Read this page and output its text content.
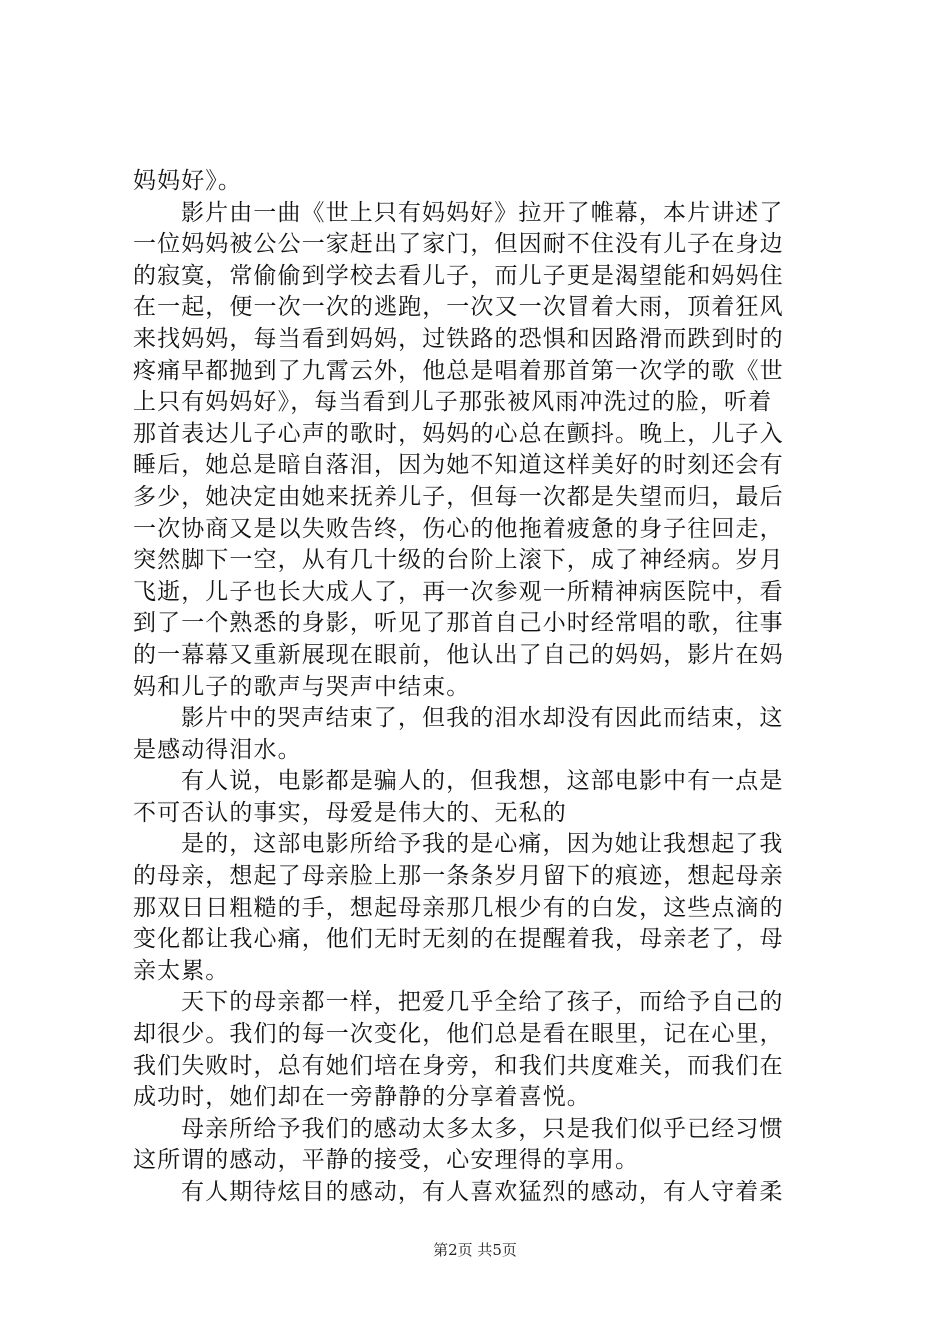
妈妈好》。
影片由一曲《世上只有妈妈好》拉开了帷幕，本片讲述了
一位妈妈被公公一家赶出了家门，但因耐不住没有儿子在身边
的寂寞，常偷偷到学校去看儿子，而儿子更是渴望能和妈妈住
在一起，便一次一次的逃跑，一次又一次冒着大雨，顶着狂风
来找妈妈，每当看到妈妈，过铁路的恐惧和因路滑而跌到时的
疼痛早都抛到了九霄云外，他总是唱着那首第一次学的歌《世
上只有妈妈好》，每当看到儿子那张被风雨冲洗过的脸，听着
那首表达儿子心声的歌时，妈妈的心总在颤抖。晚上，儿子入
睡后，她总是暗自落泪，因为她不知道这样美好的时刻还会有
多少，她决定由她来抚养儿子，但每一次都是失望而归，最后
一次协商又是以失败告终，伤心的他拖着疲惫的身子往回走，
突然脚下一空，从有几十级的台阶上滚下，成了神经病。岁月
飞逝，儿子也长大成人了，再一次参观一所精神病医院中，看
到了一个熟悉的身影，听见了那首自己小时经常唱的歌，往事
的一幕幕又重新展现在眼前，他认出了自己的妈妈，影片在妈
妈和儿子的歌声与哭声中结束。
影片中的哭声结束了，但我的泪水却没有因此而结束，这
是感动得泪水。
有人说，电影都是骗人的，但我想，这部电影中有一点是
不可否认的事实，母爱是伟大的、无私的
是的，这部电影所给予我的是心痛，因为她让我想起了我
的母亲，想起了母亲脸上那一条条岁月留下的痕迹，想起母亲
那双日日粗糙的手，想起母亲那几根少有的白发，这些点滴的
变化都让我心痛，他们无时无刻的在提醒着我，母亲老了，母
亲太累。
天下的母亲都一样，把爱几乎全给了孩子，而给予自己的
却很少。我们的每一次变化，他们总是看在眼里，记在心里，
我们失败时，总有她们培在身旁，和我们共度难关，而我们在
成功时，她们却在一旁静静的分享着喜悦。
母亲所给予我们的感动太多太多，只是我们似乎已经习惯
这所谓的感动，平静的接受，心安理得的享用。
有人期待炫目的感动，有人喜欢猛烈的感动，有人守着柔
第2页 共5页
